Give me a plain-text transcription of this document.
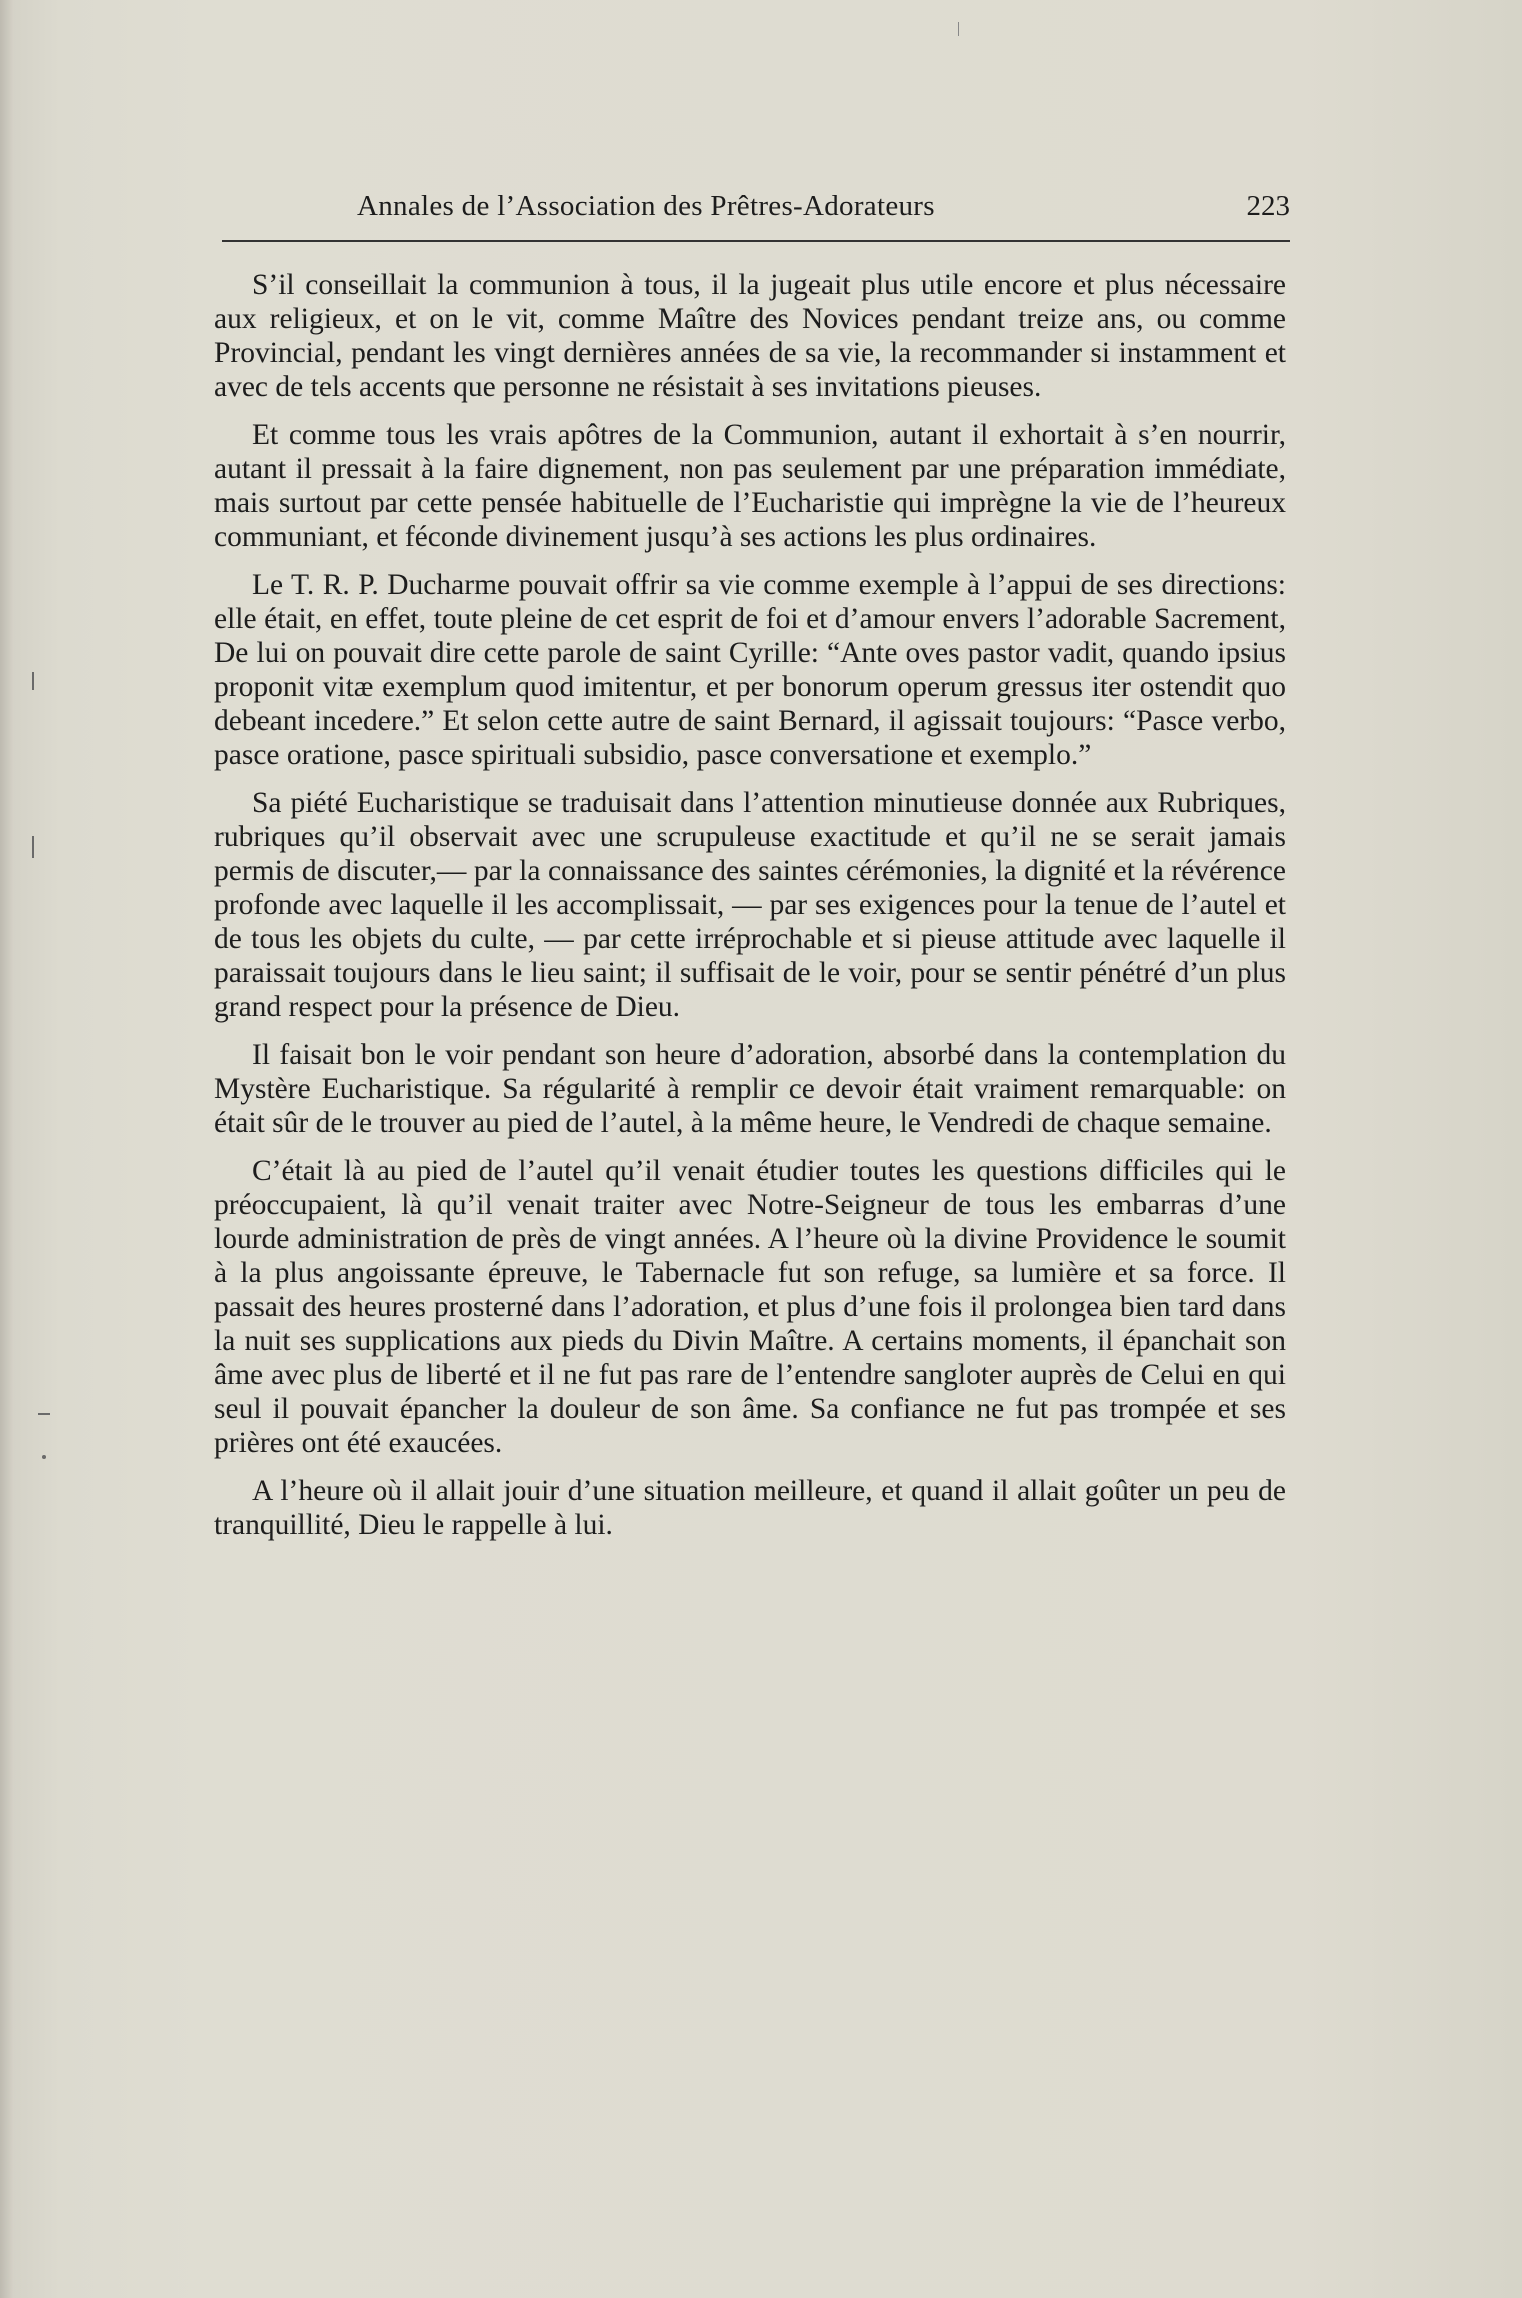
Annales de l’Association des Prêtres-Adorateurs	223

S’il conseillait la communion à tous, il la jugeait plus utile encore et plus nécessaire aux religieux, et on le vit, comme Maître des Novices pendant treize ans, ou comme Provincial, pendant les vingt dernières années de sa vie, la recommander si instamment et avec de tels accents que personne ne résistait à ses invitations pieuses.

Et comme tous les vrais apôtres de la Communion, autant il exhortait à s’en nourrir, autant il pressait à la faire dignement, non pas seulement par une préparation immédiate, mais surtout par cette pensée habituelle de l’Eucharistie qui imprègne la vie de l’heureux communiant, et féconde divinement jusqu’à ses actions les plus ordinaires.

Le T. R. P. Ducharme pouvait offrir sa vie comme exemple à l’appui de ses directions: elle était, en effet, toute pleine de cet esprit de foi et d’amour envers l’adorable Sacrement, De lui on pouvait dire cette parole de saint Cyrille: “Ante oves pastor vadit, quando ipsius proponit vitæ exemplum quod imitentur, et per bonorum operum gressus iter ostendit quo debeant incedere.” Et selon cette autre de saint Bernard, il agissait toujours: “Pasce verbo, pasce oratione, pasce spirituali subsidio, pasce conversatione et exemplo.”

Sa piété Eucharistique se traduisait dans l’attention minutieuse donnée aux Rubriques, rubriques qu’il observait avec une scrupuleuse exactitude et qu’il ne se serait jamais permis de discuter,— par la connaissance des saintes cérémonies, la dignité et la révérence profonde avec laquelle il les accomplissait, — par ses exigences pour la tenue de l’autel et de tous les objets du culte, — par cette irréprochable et si pieuse attitude avec laquelle il paraissait toujours dans le lieu saint; il suffisait de le voir, pour se sentir pénétré d’un plus grand respect pour la présence de Dieu.

Il faisait bon le voir pendant son heure d’adoration, absorbé dans la contemplation du Mystère Eucharistique. Sa régularité à remplir ce devoir était vraiment remarquable: on était sûr de le trouver au pied de l’autel, à la même heure, le Vendredi de chaque semaine.

C’était là au pied de l’autel qu’il venait étudier toutes les questions difficiles qui le préoccupaient, là qu’il venait traiter avec Notre-Seigneur de tous les embarras d’une lourde administration de près de vingt années. A l’heure où la divine Providence le soumit à la plus angoissante épreuve, le Tabernacle fut son refuge, sa lumière et sa force. Il passait des heures prosterné dans l’adoration, et plus d’une fois il prolongea bien tard dans la nuit ses supplications aux pieds du Divin Maître. A certains moments, il épanchait son âme avec plus de liberté et il ne fut pas rare de l’entendre sangloter auprès de Celui en qui seul il pouvait épancher la douleur de son âme. Sa confiance ne fut pas trompée et ses prières ont été exaucées.

A l’heure où il allait jouir d’une situation meilleure, et quand il allait goûter un peu de tranquillité, Dieu le rappelle à lui.
